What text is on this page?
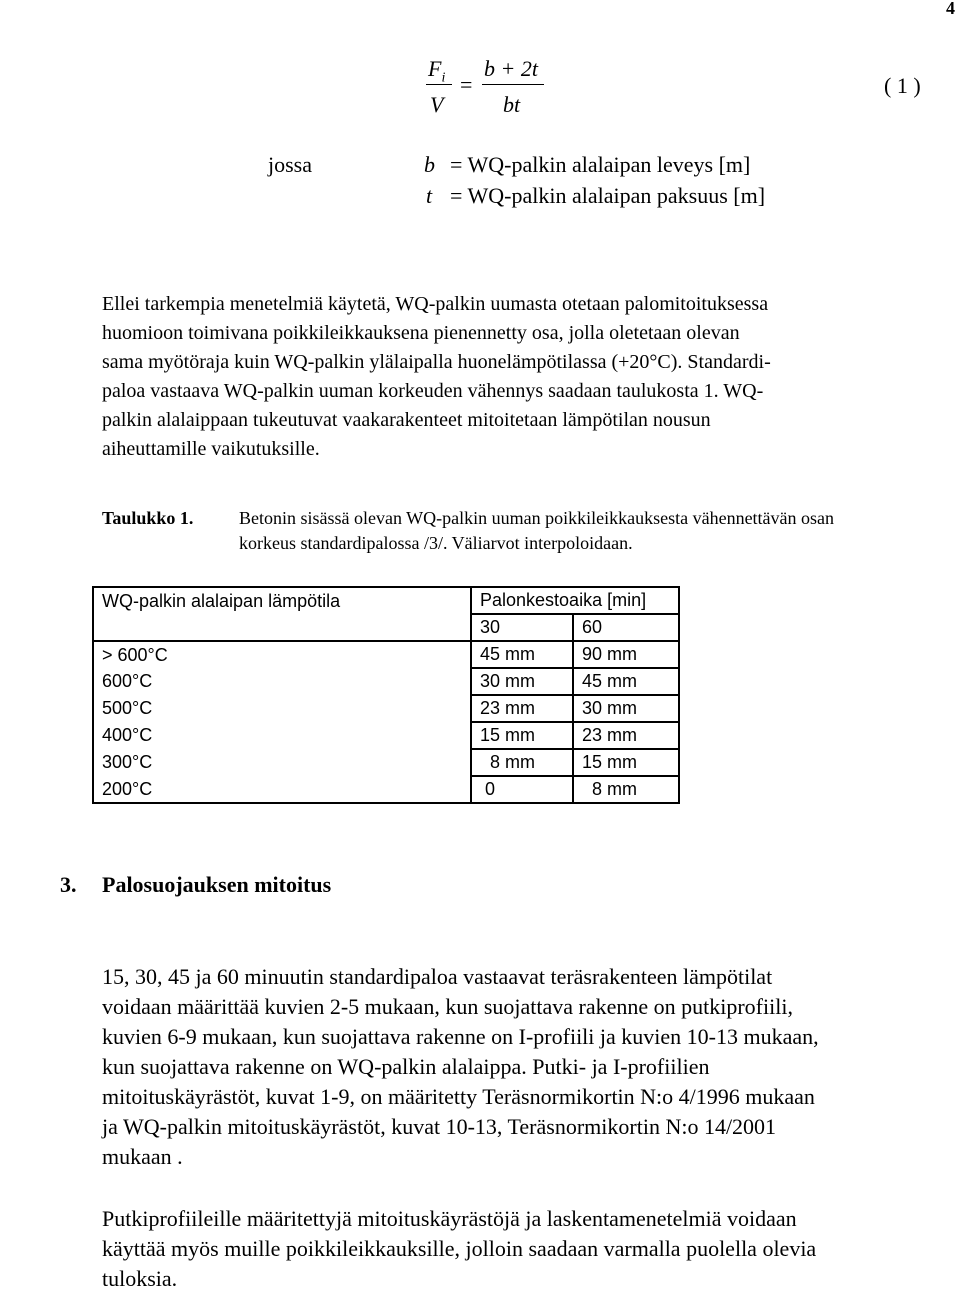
4
$F_i$
V
=
b + 2t
bt
( 1 )
jossa	b = WQ-palkin alalaipan leveys [m]
t = WQ-palkin alalaipan paksuus [m]
Ellei tarkempia menetelmiä käytetä, WQ-palkin uumasta otetaan palomitoituksessa
huomioon toimivana poikkileikkauksena pienennetty osa, jolla oletetaan olevan
sama myötöraja kuin WQ-palkin ylälaipalla huonelämpötilassa (+20°C). Standardi-
paloa vastaava WQ-palkin uuman korkeuden vähennys saadaan taulukosta 1. WQ-
palkin alalaippaan tukeutuvat vaakarakenteet mitoitetaan lämpötilan nousun
aiheuttamille vaikutuksille.
Taulukko 1.	Betonin sisässä olevan WQ-palkin uuman poikkileikkauksesta vähennettävän osan
korkeus standardipalossa /3/. Väliarvot interpoloidaan.
WQ-palkin alalaipan lämpötila	Palonkestoaika [min]	
	30	60
> 600°C	45 mm	90 mm
600°C	30 mm	45 mm
500°C	23 mm	30 mm
400°C	15 mm	23 mm
300°C	8 mm	15 mm
200°C	0	8 mm
3. Palosuojauksen mitoitus
15, 30, 45 ja 60 minuutin standardipaloa vastaavat teräsrakenteen lämpötilat
voidaan määrittää kuvien 2-5 mukaan, kun suojattava rakenne on putkiprofiili,
kuvien 6-9 mukaan, kun suojattava rakenne on I-profiili ja kuvien 10-13 mukaan,
kun suojattava rakenne on WQ-palkin alalaippa. Putki- ja I-profiilien
mitoituskäyrästöt, kuvat 1-9, on määritetty Teräsnormikortin N:o 4/1996 mukaan
ja WQ-palkin mitoituskäyrästöt, kuvat 10-13, Teräsnormikortin N:o 14/2001
mukaan .
Putkiprofiileille määritettyjä mitoituskäyrästöjä ja laskentamenetelmiä voidaan
käyttää myös muille poikkileikkauksille, jolloin saadaan varmalla puolella olevia
tuloksia.
